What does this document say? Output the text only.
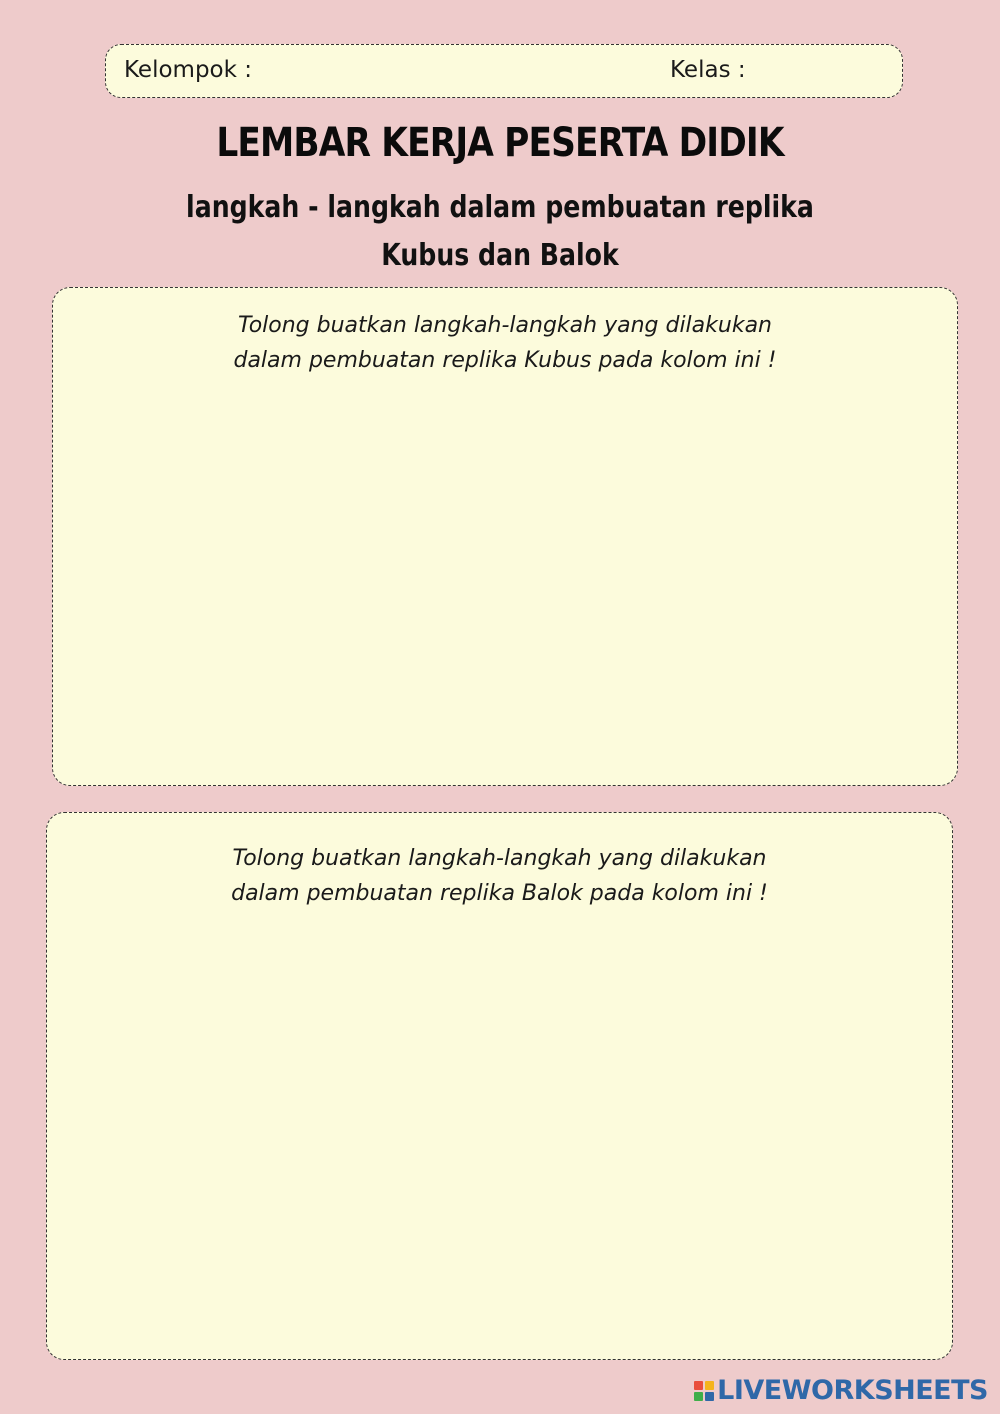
Kelompok :	Kelas :
LEMBAR KERJA PESERTA DIDIK
langkah - langkah dalam pembuatan replika
Kubus dan Balok
Tolong buatkan langkah-langkah yang dilakukan
dalam pembuatan replika Kubus pada kolom ini !
Tolong buatkan langkah-langkah yang dilakukan
dalam pembuatan replika Balok pada kolom ini !
LIVEWORKSHEETS
